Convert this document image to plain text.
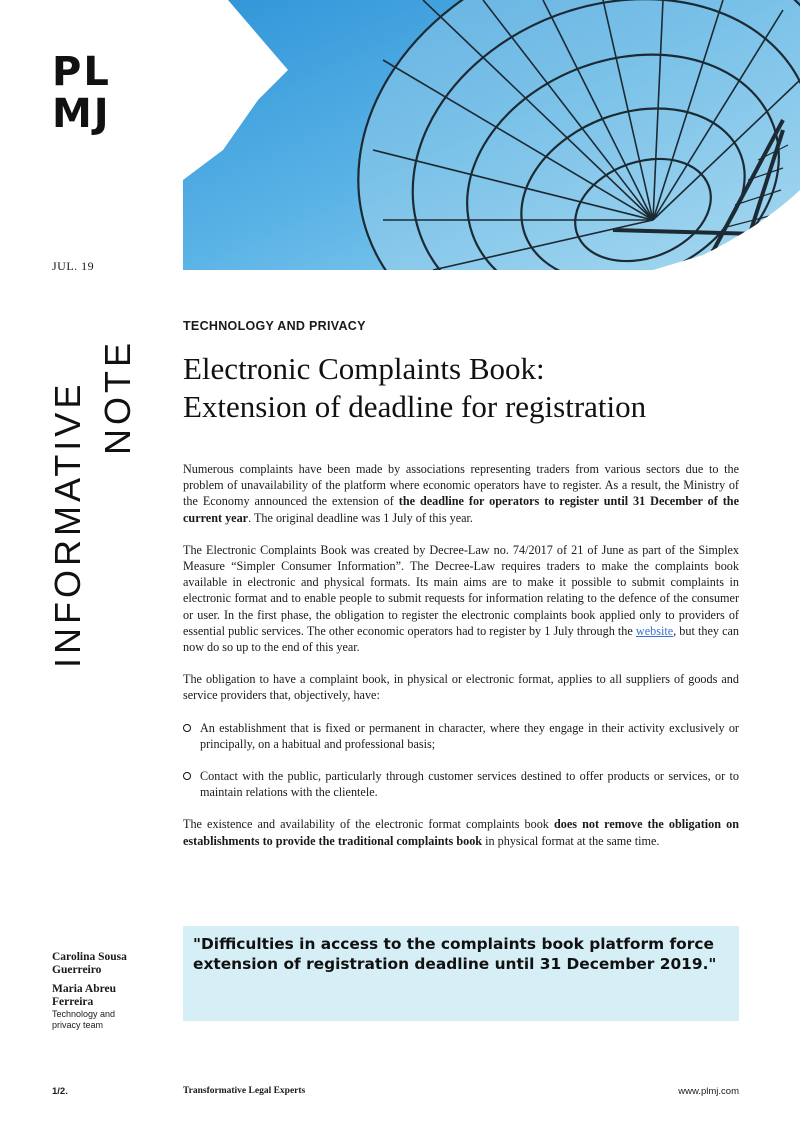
PL
MJ
JUL. 19
INFORMATIVE NOTE
TECHNOLOGY AND PRIVACY
Electronic Complaints Book:
Extension of deadline for registration

Numerous complaints have been made by associations representing traders from various sectors due to the problem of unavailability of the platform where economic operators have to register. As a result, the Ministry of the Economy announced the extension of the deadline for operators to register until 31 December of the current year. The original deadline was 1 July of this year.

The Electronic Complaints Book was created by Decree-Law no. 74/2017 of 21 of June as part of the Simplex Measure “Simpler Consumer Information”. The Decree-Law requires traders to make the complaints book available in electronic and physical formats. Its main aims are to make it possible to submit complaints in electronic format and to enable people to submit requests for information relating to the defence of the consumer or user. In the first phase, the obligation to register the electronic complaints book applied only to providers of essential public services. The other economic operators had to register by 1 July through the website, but they can now do so up to the end of this year.

The obligation to have a complaint book, in physical or electronic format, applies to all suppliers of goods and service providers that, objectively, have:

An establishment that is fixed or permanent in character, where they engage in their activity exclusively or principally, on a habitual and professional basis;
Contact with the public, particularly through customer services destined to offer products or services, or to maintain relations with the clientele.

The existence and availability of the electronic format complaints book does not remove the obligation on establishments to provide the traditional complaints book in physical format at the same time.

"Difficulties in access to the complaints book platform force extension of registration deadline until 31 December 2019."
Carolina Sousa
Guerreiro
Maria Abreu
Ferreira
Technology and
privacy team
1/2.	Transformative Legal Experts	www.plmj.com
